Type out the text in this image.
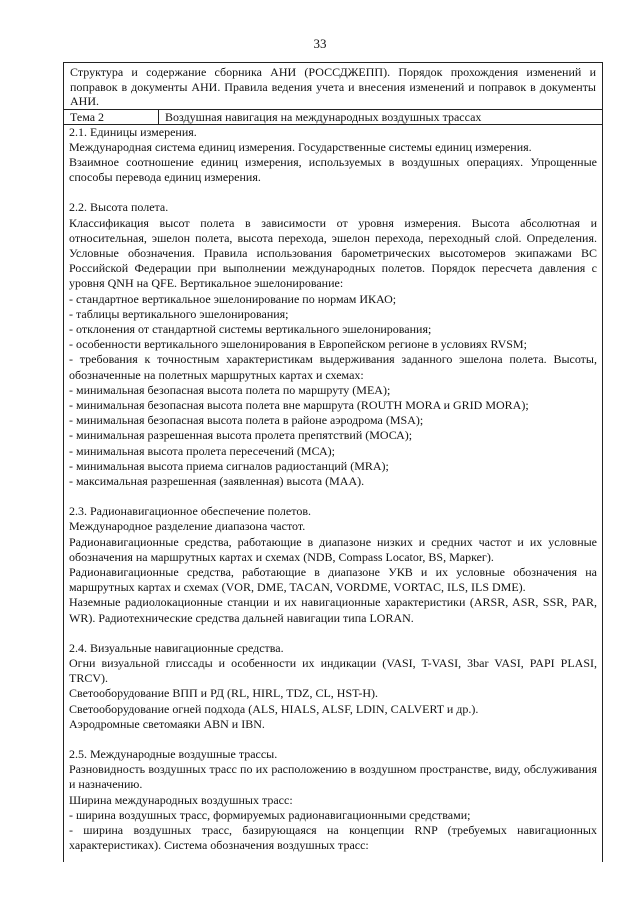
33
Структура и содержание сборника АНИ (РОССДЖЕПП). Порядок прохождения изменений и поправок в документы АНИ. Правила ведения учета и внесения изменений и поправок в документы АНИ.
Тема 2	Воздушная навигация на международных воздушных трассах

2.1. Единицы измерения.

Международная система единиц измерения. Государственные системы единиц измерения.

Взаимное соотношение единиц измерения, используемых в воздушных операциях. Упрощенные способы перевода единиц измерения.

2.2. Высота полета.

Классификация высот полета в зависимости от уровня измерения. Высота абсолютная и относительная, эшелон полета, высота перехода, эшелон перехода, переходный слой. Определения. Условные обозначения. Правила использования барометрических высотомеров экипажами ВС Российской Федерации при выполнении международных полетов. Порядок пересчета давления с уровня QNH на QFE. Вертикальное эшелонирование:

- стандартное вертикальное эшелонирование по нормам ИКАО;

- таблицы вертикального эшелонирования;

- отклонения от стандартной системы вертикального эшелонирования;

- особенности вертикального эшелонирования в Европейском регионе в условиях RVSM;

- требования к точностным характеристикам выдерживания заданного эшелона полета. Высоты, обозначенные на полетных маршрутных картах и схемах:

- минимальная безопасная высота полета по маршруту (МЕА);

- минимальная безопасная высота полета вне маршрута (ROUTH MORA и GRID MORA);

- минимальная безопасная высота полета в районе аэродрома (MSA);

- минимальная разрешенная высота пролета препятствий (МОСА);

- минимальная высота пролета пересечений (МСА);

- минимальная высота приема сигналов радиостанций (MRA);

- максимальная разрешенная (заявленная) высота (МАА).

2.3. Радионавигационное обеспечение полетов.

Международное разделение диапазона частот.

Радионавигационные средства, работающие в диапазоне низких и средних частот и их условные обозначения на маршрутных картах и схемах (NDB, Compass Locator, BS, Маркег).

Радионавигационные средства, работающие в диапазоне УКВ и их условные обозначения на маршрутных картах и схемах (VOR, DME, TACAN, VORDME, VORTAC, ILS, ILS DME).

Наземные радиолокационные станции и их навигационные характеристики (ARSR, ASR, SSR, PAR, WR). Радиотехнические средства дальней навигации типа LORAN.

2.4. Визуальные навигационные средства.

Огни визуальной глиссады и особенности их индикации (VASI, T-VASI, 3bar VASI, PAPI PLASI, TRCV).

Светооборудование ВПП и РД (RL, HIRL, TDZ, CL, HST-H).

Светооборудование огней подхода (ALS, HIALS, ALSF, LDIN, CALVERT и др.).

Аэродромные светомаяки ABN и IBN.

2.5. Международные воздушные трассы.

Разновидность воздушных трасс по их расположению в воздушном пространстве, виду, обслуживания и назначению.

Ширина международных воздушных трасс:

- ширина воздушных трасс, формируемых радионавигационными средствами;

- ширина воздушных трасс, базирующаяся на концепции RNP (требуемых навигационных характеристиках). Система обозначения воздушных трасс:
